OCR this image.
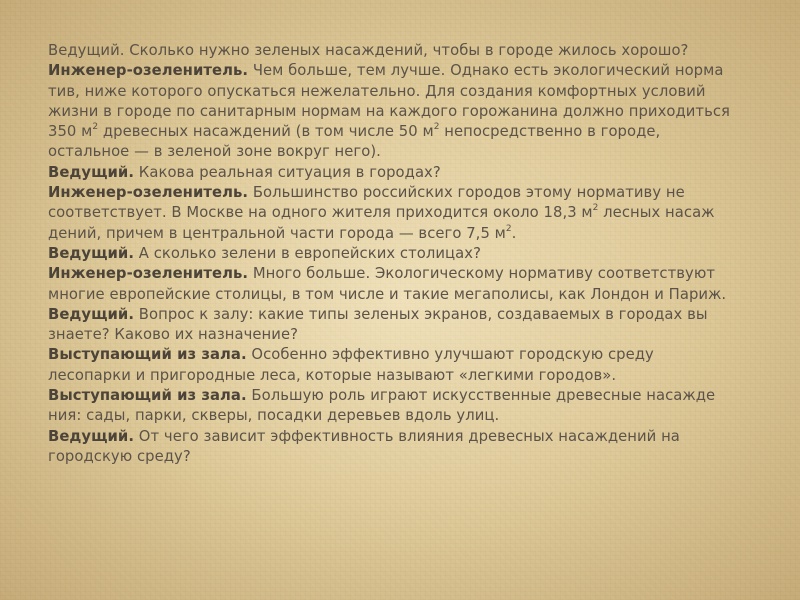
Ведущий. Сколько нужно зеленых насаждений, чтобы в городе жилось хорошо?
Инженер-озеленитель. Чем больше, тем лучше. Однако есть экологический норма
тив, ниже которого опускаться нежелательно. Для создания комфортных условий
жизни в городе по санитарным нормам на каждого горожанина должно приходиться
350 $м^2$ древесных насаждений (в том числе 50 $м^2$ непосредственно в городе,
остальное — в зеленой зоне вокруг него).
Ведущий. Какова реальная ситуация в городах?
Инженер-озеленитель. Большинство российских городов этому нормативу не
соответствует. В Москве на одного жителя приходится около 18,3 $м^2$ лесных насаж
дений, причем в центральной части города — всего 7,5 $м^2$.
Ведущий. А сколько зелени в европейских столицах?
Инженер-озеленитель. Много больше. Экологическому нормативу соответствуют
многие европейские столицы, в том числе и такие мегаполисы, как Лондон и Париж.
Ведущий. Вопрос к залу: какие типы зеленых экранов, создаваемых в городах вы
знаете? Каково их назначение?
Выступающий из зала. Особенно эффективно улучшают городскую среду
лесопарки и пригородные леса, которые называют «легкими городов».
Выступающий из зала. Большую роль играют искусственные древесные насажде
ния: сады, парки, скверы, посадки деревьев вдоль улиц.
Ведущий. От чего зависит эффективность влияния древесных насаждений на
городскую среду?
